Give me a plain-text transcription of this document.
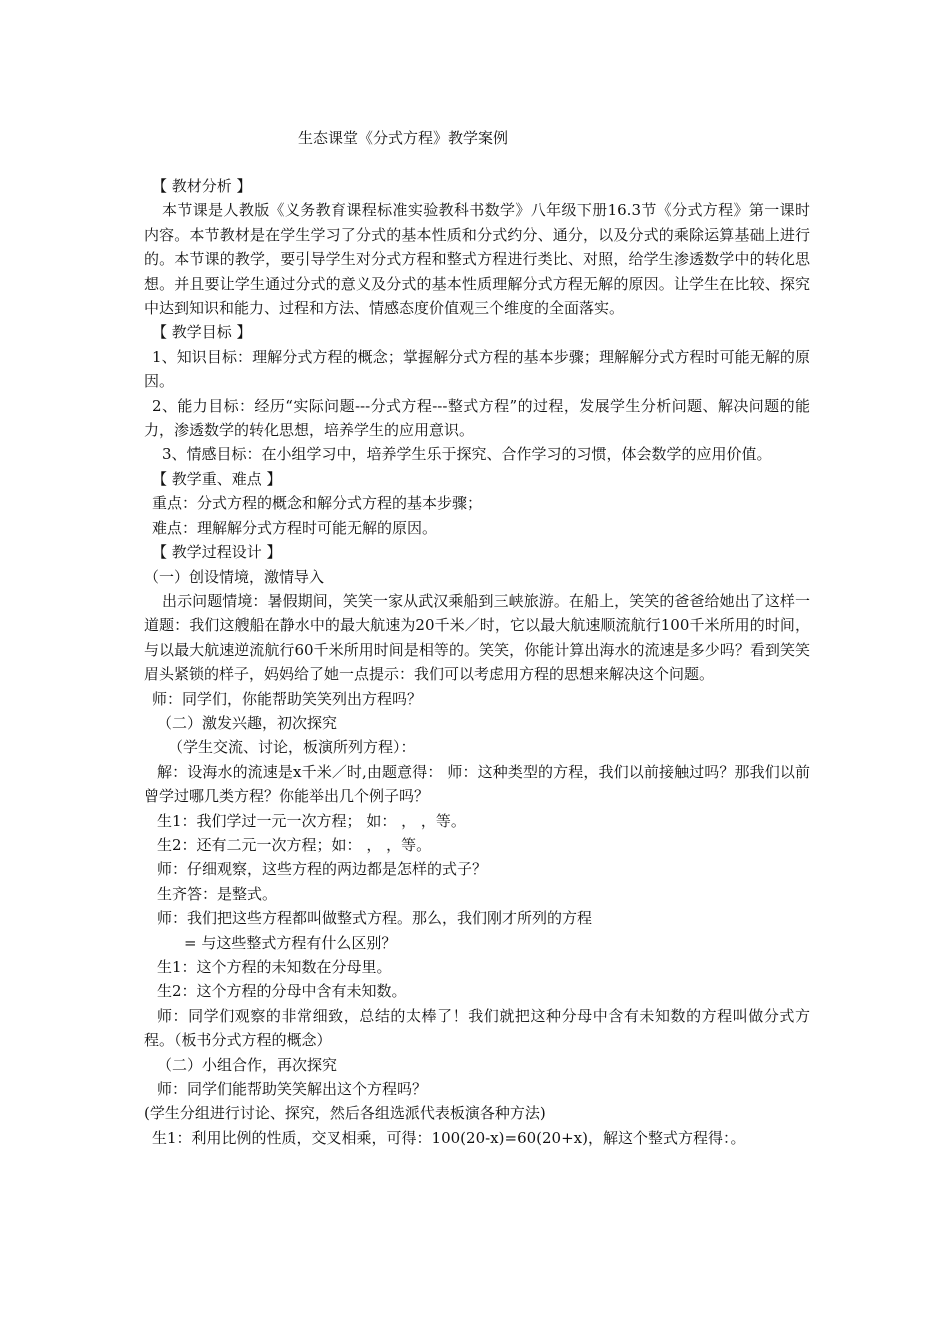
生态课堂《分式方程》教学案例

【 教材分析 】

本节课是人教版《义务教育课程标准实验教科书数学》八年级下册16.3节《分式方程》第一课时内容。本节教材是在学生学习了分式的基本性质和分式约分、通分，以及分式的乘除运算基础上进行的。本节课的教学，要引导学生对分式方程和整式方程进行类比、对照，给学生渗透数学中的转化思想。并且要让学生通过分式的意义及分式的基本性质理解分式方程无解的原因。让学生在比较、探究中达到知识和能力、过程和方法、情感态度价值观三个维度的全面落实。

【 教学目标 】

1、知识目标：理解分式方程的概念；掌握解分式方程的基本步骤；理解解分式方程时可能无解的原因。

2、能力目标：经历“实际问题---分式方程---整式方程”的过程，发展学生分析问题、解决问题的能力，渗透数学的转化思想，培养学生的应用意识。

3、情感目标：在小组学习中，培养学生乐于探究、合作学习的习惯，体会数学的应用价值。

【 教学重、难点 】

重点：分式方程的概念和解分式方程的基本步骤；

难点：理解解分式方程时可能无解的原因。

【 教学过程设计 】

（一）创设情境，激情导入

出示问题情境：暑假期间，笑笑一家从武汉乘船到三峡旅游。在船上，笑笑的爸爸给她出了这样一道题：我们这艘船在静水中的最大航速为20千米／时，它以最大航速顺流航行100千米所用的时间，与以最大航速逆流航行60千米所用时间是相等的。笑笑，你能计算出海水的流速是多少吗？看到笑笑眉头紧锁的样子，妈妈给了她一点提示：我们可以考虑用方程的思想来解决这个问题。

师：同学们，你能帮助笑笑列出方程吗？

（二）激发兴趣，初次探究

（学生交流、讨论，板演所列方程）：

解：设海水的流速是x千米／时,由题意得： 师：这种类型的方程，我们以前接触过吗？那我们以前曾学过哪几类方程？你能举出几个例子吗？

生1：我们学过一元一次方程； 如： ， ，等。

生2：还有二元一次方程；如： ， ，等。

师：仔细观察，这些方程的两边都是怎样的式子？

生齐答：是整式。

师：我们把这些方程都叫做整式方程。那么，我们刚才所列的方程

= 与这些整式方程有什么区别？

生1：这个方程的未知数在分母里。

生2：这个方程的分母中含有未知数。

师：同学们观察的非常细致，总结的太棒了！我们就把这种分母中含有未知数的方程叫做分式方程。（板书分式方程的概念）

（二）小组合作，再次探究

师：同学们能帮助笑笑解出这个方程吗？

(学生分组进行讨论、探究，然后各组选派代表板演各种方法)

生1：利用比例的性质，交叉相乘，可得：100(20-x)=60(20+x)，解这个整式方程得：。
